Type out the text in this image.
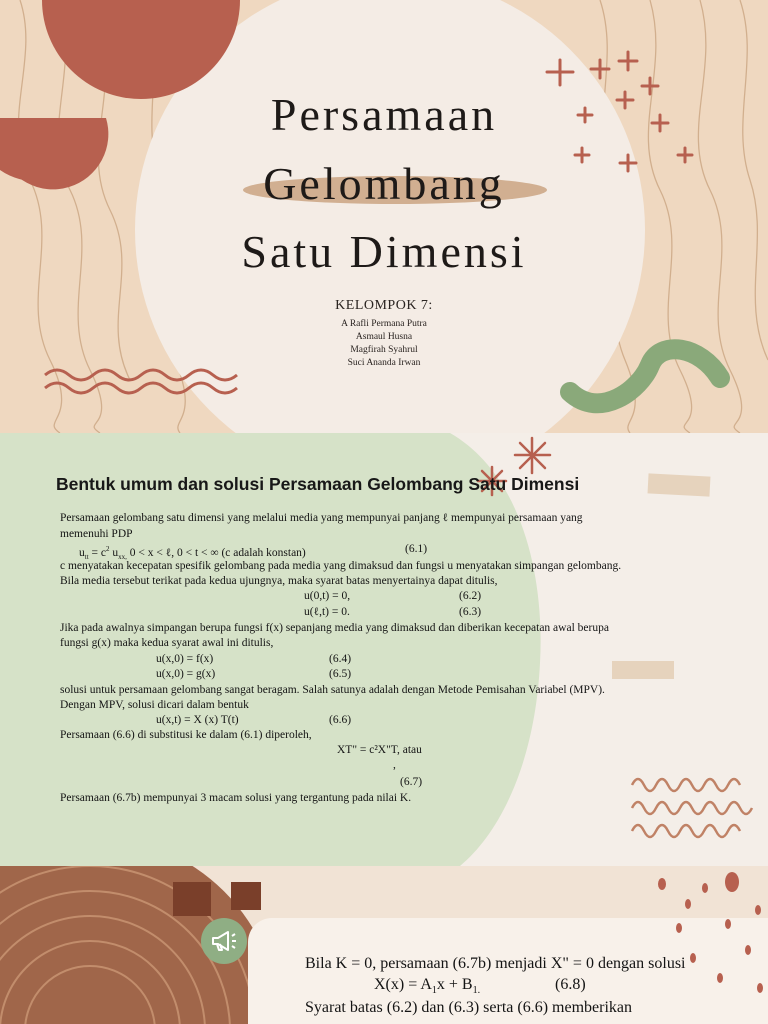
Persamaan
Gelombang
Satu Dimensi
KELOMPOK 7:
A Rafli Permana Putra
Asmaul Husna
Magfirah Syahrul
Suci Ananda Irwan
Bentuk umum dan solusi Persamaan Gelombang Satu Dimensi
Persamaan gelombang satu dimensi yang melalui media yang mempunyai panjang ℓ mempunyai persamaan yang
memenuhi PDP
$u_{tt} = c^2$ $u_{xx,}$ 0 < x < ℓ, 0 < t < ∞ (c adalah konstan)	(6.1)
c menyatakan kecepatan spesifik gelombang pada media yang dimaksud dan fungsi u menyatakan simpangan gelombang.
Bila media tersebut terikat pada kedua ujungnya, maka syarat batas menyertainya dapat ditulis,
u(0,t) = 0,	(6.2)
u(ℓ,t) = 0.	(6.3)
Jika pada awalnya simpangan berupa fungsi f(x) sepanjang media yang dimaksud dan diberikan kecepatan awal berupa
fungsi g(x) maka kedua syarat awal ini ditulis,
u(x,0) = f(x)	(6.4)
u(x,0) = g(x)	(6.5)
solusi untuk persamaan gelombang sangat beragam. Salah satunya adalah dengan Metode Pemisahan Variabel (MPV).
Dengan MPV, solusi dicari dalam bentuk
u(x,t) = X (x) T(t)	(6.6)
Persamaan (6.6) di substitusi ke dalam (6.1) diperoleh,
XT" = c²X"T, atau
,
(6.7)
Persamaan (6.7b) mempunyai 3 macam solusi yang tergantung pada nilai K.
Bila K = 0, persamaan (6.7b) menjadi X" = 0 dengan solusi
$X(x) = A_1x + B_{1.}$	(6.8)
Syarat batas (6.2) dan (6.3) serta (6.6) memberikan
